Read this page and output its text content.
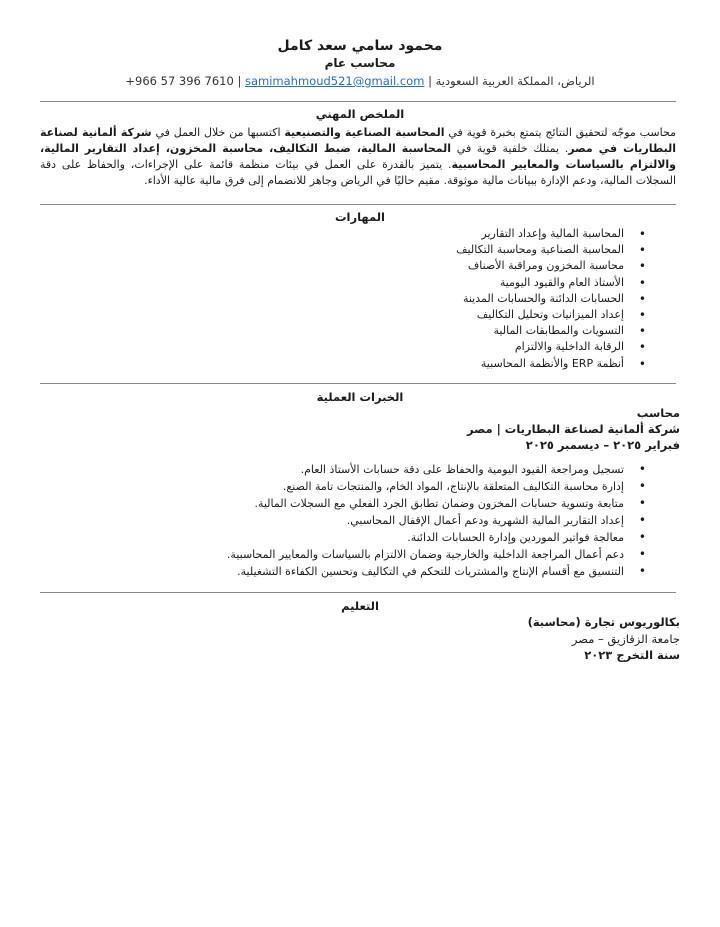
محمود سامي سعد كامل
محاسب عام
الرياض، المملكة العربية السعودية | +966 57 396 7610 | samimahmoud521@gmail.com
الملخص المهني
محاسب موجّه لتحقيق النتائج يتمتع بخبرة قوية في المحاسبة الصناعية والتصنيعية اكتسبها من خلال العمل في شركة ألمانية لصناعة البطاريات في مصر. يمتلك خلفية قوية في المحاسبة المالية، ضبط التكاليف، محاسبة المخزون، إعداد التقارير المالية، والالتزام بالسياسات والمعايير المحاسبية. يتميز بالقدرة على العمل في بيئات منظمة قائمة على الإجراءات، والحفاظ على دقة السجلات المالية، ودعم الإدارة ببيانات مالية موثوقة. مقيم حاليًا في الرياض وجاهز للانضمام إلى فرق مالية عالية الأداء.
المهارات
• المحاسبة المالية وإعداد التقارير
• المحاسبة الصناعية ومحاسبة التكاليف
• محاسبة المخزون ومراقبة الأصناف
• الأستاذ العام والقيود اليومية
• الحسابات الدائنة والحسابات المدينة
• إعداد الميزانيات وتحليل التكاليف
• التسويات والمطابقات المالية
• الرقابة الداخلية والالتزام
• أنظمة ERP والأنظمة المحاسبية
الخبرات العملية
محاسب
شركة ألمانية لصناعة البطاريات | مصر
فبراير ٢٠٢٥ – ديسمبر ٢٠٢٥
• تسجيل ومراجعة القيود اليومية والحفاظ على دقة حسابات الأستاذ العام.
• إدارة محاسبة التكاليف المتعلقة بالإنتاج، المواد الخام، والمنتجات تامة الصنع.
• متابعة وتسوية حسابات المخزون وضمان تطابق الجرد الفعلي مع السجلات المالية.
• إعداد التقارير المالية الشهرية ودعم أعمال الإقفال المحاسبي.
• معالجة فواتير الموردين وإدارة الحسابات الدائنة.
• دعم أعمال المراجعة الداخلية والخارجية وضمان الالتزام بالسياسات والمعايير المحاسبية.
• التنسيق مع أقسام الإنتاج والمشتريات للتحكم في التكاليف وتحسين الكفاءة التشغيلية.
التعليم
بكالوريوس تجارة (محاسبة)
جامعة الزقازيق – مصر
سنة التخرج ٢٠٢٣
